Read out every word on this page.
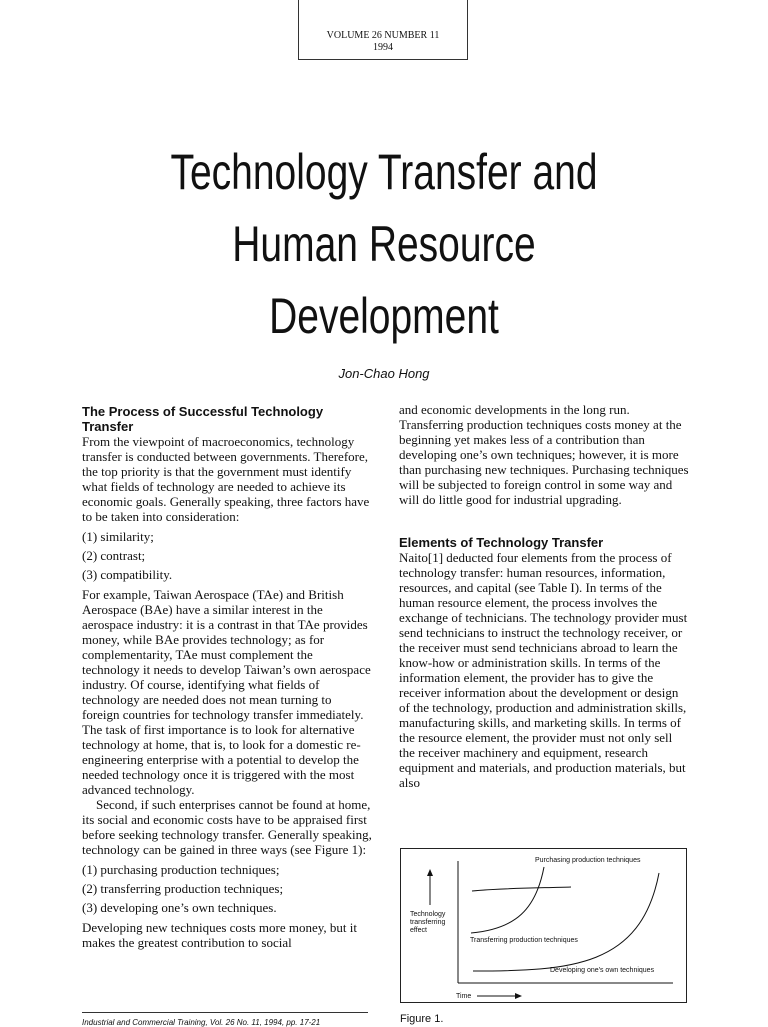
VOLUME 26 NUMBER 11
1994
Technology Transfer and
Human Resource
Development
Jon-Chao Hong
The Process of Successful Technology Transfer

From the viewpoint of macroeconomics, technology transfer is conducted between governments. Therefore, the top priority is that the government must identify what fields of technology are needed to achieve its economic goals. Generally speaking, three factors have to be taken into consideration:

(1) similarity;
(2) contrast;
(3) compatibility.

For example, Taiwan Aerospace (TAe) and British Aerospace (BAe) have a similar interest in the aerospace industry: it is a contrast in that TAe provides money, while BAe provides technology; as for complementarity, TAe must complement the technology it needs to develop Taiwan’s own aerospace industry. Of course, identifying what fields of technology are needed does not mean turning to foreign countries for technology transfer immediately. The task of first importance is to look for alternative technology at home, that is, to look for a domestic re-engineering enterprise with a potential to develop the needed technology once it is triggered with the most advanced technology.

Second, if such enterprises cannot be found at home, its social and economic costs have to be appraised first before seeking technology transfer. Generally speaking, technology can be gained in three ways (see Figure 1):

(1) purchasing production techniques;
(2) transferring production techniques;
(3) developing one’s own techniques.

Developing new techniques costs more money, but it makes the greatest contribution to social

and economic developments in the long run. Transferring production techniques costs money at the beginning yet makes less of a contribution than developing one’s own techniques; however, it is more than purchasing new techniques. Purchasing techniques will be subjected to foreign control in some way and will do little good for industrial upgrading.

Elements of Technology Transfer

Naito[1] deducted four elements from the process of technology transfer: human resources, information, resources, and capital (see Table I). In terms of the human resource element, the process involves the exchange of technicians. The technology provider must send technicians to instruct the technology receiver, or the receiver must send technicians abroad to learn the know-how or administration skills. In terms of the information element, the provider has to give the receiver information about the development or design of the technology, production and administration skills, manufacturing skills, and marketing skills. In terms of the resource element, the provider must not only sell the receiver machinery and equipment, research equipment and materials, and production materials, but also

Purchasing production techniques
Transferring production techniques
Developing one's own techniques
Technology
transferring
effect
Time
Figure 1.
Industrial and Commercial Training, Vol. 26 No. 11, 1994, pp. 17-21
